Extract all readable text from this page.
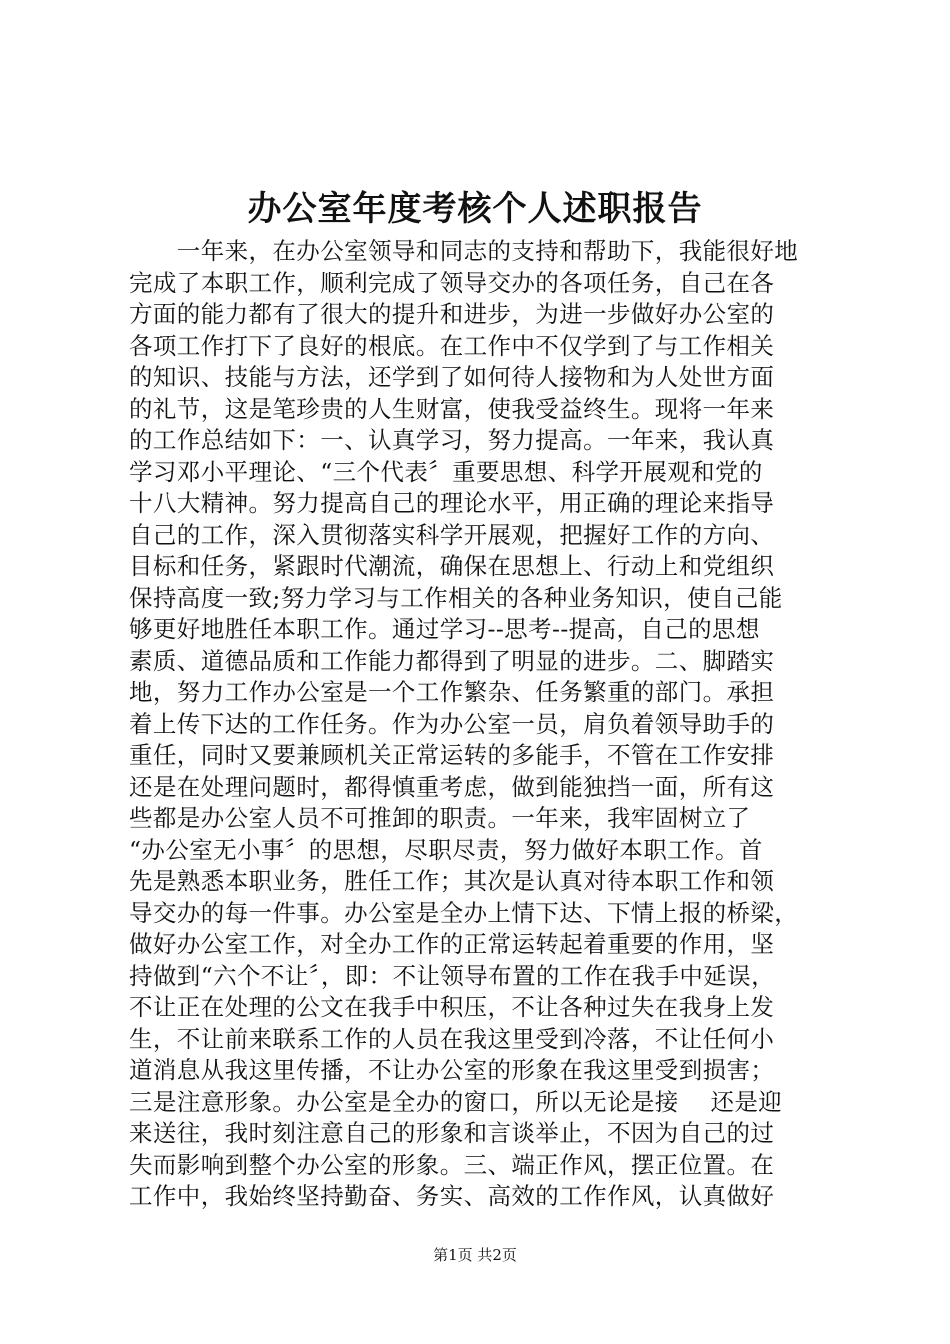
办公室年度考核个人述职报告
　　一年来，在办公室领导和同志的支持和帮助下，我能很好地
完成了本职工作，顺利完成了领导交办的各项任务，自己在各
方面的能力都有了很大的提升和进步，为进一步做好办公室的
各项工作打下了良好的根底。在工作中不仅学到了与工作相关
的知识、技能与方法，还学到了如何待人接物和为人处世方面
的礼节，这是笔珍贵的人生财富，使我受益终生。现将一年来
的工作总结如下：一、认真学习，努力提高。一年来，我认真
学习邓小平理论、“三个代表〞重要思想、科学开展观和党的
十八大精神。努力提高自己的理论水平，用正确的理论来指导
自己的工作，深入贯彻落实科学开展观，把握好工作的方向、
目标和任务，紧跟时代潮流，确保在思想上、行动上和党组织
保持高度一致;努力学习与工作相关的各种业务知识，使自己能
够更好地胜任本职工作。通过学习--思考--提高，自己的思想
素质、道德品质和工作能力都得到了明显的进步。二、脚踏实
地，努力工作办公室是一个工作繁杂、任务繁重的部门。承担
着上传下达的工作任务。作为办公室一员，肩负着领导助手的
重任，同时又要兼顾机关正常运转的多能手，不管在工作安排
还是在处理问题时，都得慎重考虑，做到能独挡一面，所有这
些都是办公室人员不可推卸的职责。一年来，我牢固树立了
“办公室无小事〞的思想，尽职尽责，努力做好本职工作。首
先是熟悉本职业务，胜任工作；其次是认真对待本职工作和领
导交办的每一件事。办公室是全办上情下达、下情上报的桥梁，
做好办公室工作，对全办工作的正常运转起着重要的作用，坚
持做到“六个不让〞，即：不让领导布置的工作在我手中延误，
不让正在处理的公文在我手中积压，不让各种过失在我身上发
生，不让前来联系工作的人员在我这里受到冷落，不让任何小
道消息从我这里传播，不让办公室的形象在我这里受到损害；
三是注意形象。办公室是全办的窗口，所以无论是接　 还是迎
来送往，我时刻注意自己的形象和言谈举止，不因为自己的过
失而影响到整个办公室的形象。三、端正作风，摆正位置。在
工作中，我始终坚持勤奋、务实、高效的工作作风，认真做好
第1页 共2页
